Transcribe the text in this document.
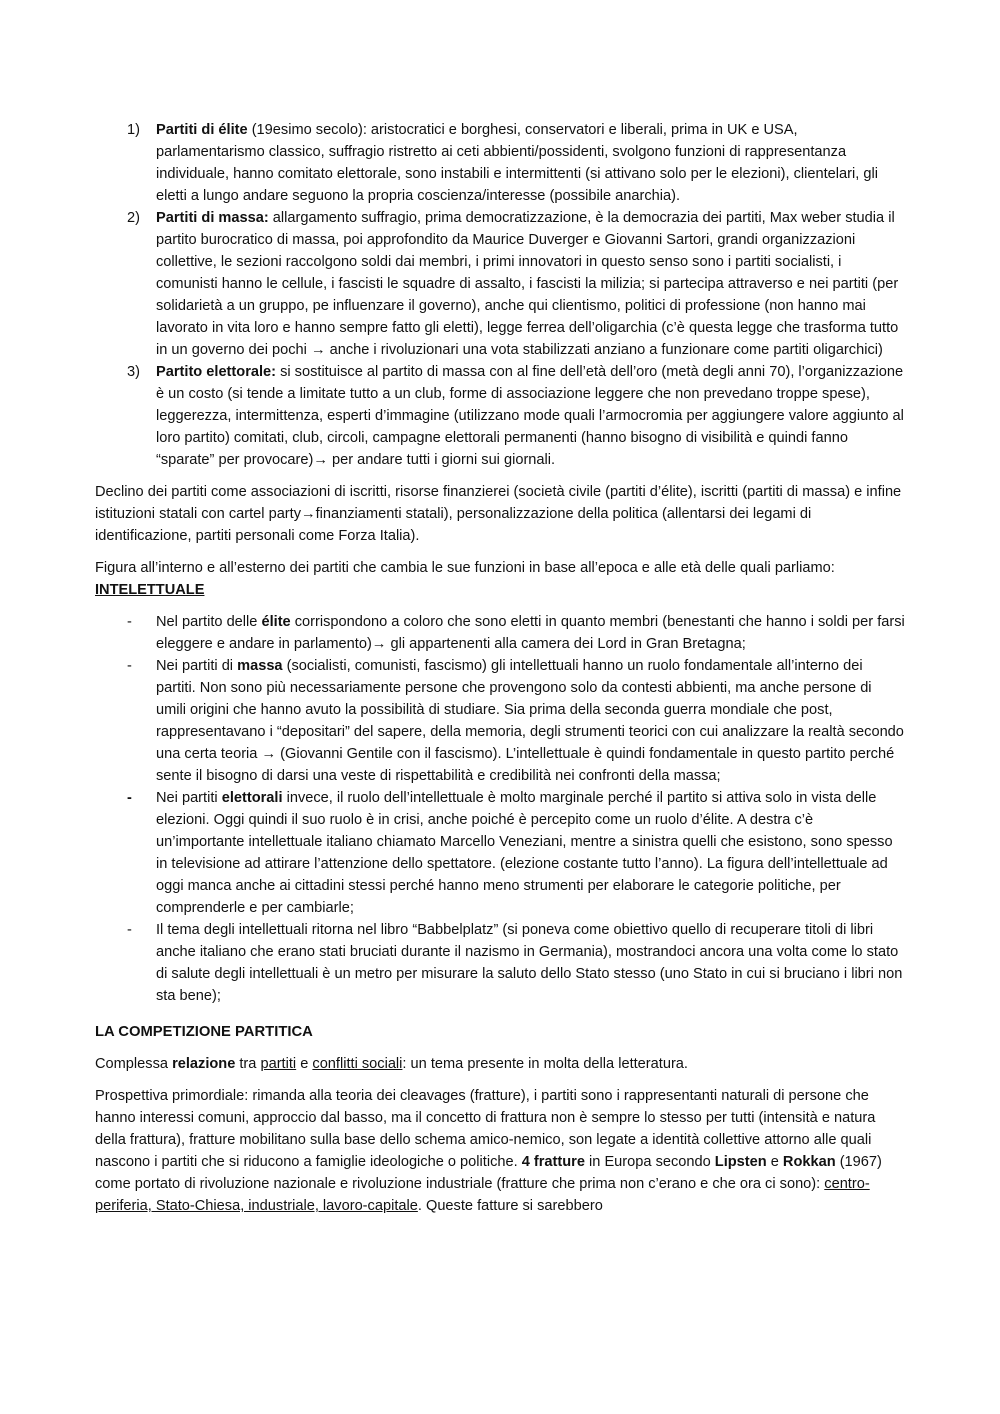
1) Partiti di élite (19esimo secolo): aristocratici e borghesi, conservatori e liberali, prima in UK e USA, parlamentarismo classico, suffragio ristretto ai ceti abbienti/possidenti, svolgono funzioni di rappresentanza individuale, hanno comitato elettorale, sono instabili e intermittenti (si attivano solo per le elezioni), clientelari, gli eletti a lungo andare seguono la propria coscienza/interesse (possibile anarchia).
2) Partiti di massa: allargamento suffragio, prima democratizzazione, è la democrazia dei partiti, Max weber studia il partito burocratico di massa, poi approfondito da Maurice Duverger e Giovanni Sartori, grandi organizzazioni collettive, le sezioni raccolgono soldi dai membri, i primi innovatori in questo senso sono i partiti socialisti, i comunisti hanno le cellule, i fascisti le squadre di assalto, i fascisti la milizia; si partecipa attraverso e nei partiti (per solidarietà a un gruppo, pe influenzare il governo), anche qui clientismo, politici di professione (non hanno mai lavorato in vita loro e hanno sempre fatto gli eletti), legge ferrea dell’oligarchia (c’è questa legge che trasforma tutto in un governo dei pochi → anche i rivoluzionari una vota stabilizzati anziano a funzionare come partiti oligarchici)
3) Partito elettorale: si sostituisce al partito di massa con al fine dell’età dell’oro (metà degli anni 70), l’organizzazione è un costo (si tende a limitate tutto a un club, forme di associazione leggere che non prevedano troppe spese), leggerezza, intermittenza, esperti d’immagine (utilizzano mode quali l’armocromia per aggiungere valore aggiunto al loro partito) comitati, club, circoli, campagne elettorali permanenti (hanno bisogno di visibilità e quindi fanno “sparate” per provocare)→ per andare tutti i giorni sui giornali.

Declino dei partiti come associazioni di iscritti, risorse finanzierei (società civile (partiti d’élite), iscritti (partiti di massa) e infine istituzioni statali con cartel party→finanziamenti statali), personalizzazione della politica (allentarsi dei legami di identificazione, partiti personali come Forza Italia).

Figura all’interno e all’esterno dei partiti che cambia le sue funzioni in base all’epoca e alle età delle quali parliamo:
INTELETTUALE

- Nel partito delle élite corrispondono a coloro che sono eletti in quanto membri (benestanti che hanno i soldi per farsi eleggere e andare in parlamento)→ gli appartenenti alla camera dei Lord in Gran Bretagna;
- Nei partiti di massa (socialisti, comunisti, fascismo) gli intellettuali hanno un ruolo fondamentale all’interno dei partiti. Non sono più necessariamente persone che provengono solo da contesti abbienti, ma anche persone di umili origini che hanno avuto la possibilità di studiare. Sia prima della seconda guerra mondiale che post, rappresentavano i “depositari” del sapere, della memoria, degli strumenti teorici con cui analizzare la realtà secondo una certa teoria → (Giovanni Gentile con il fascismo). L’intellettuale è quindi fondamentale in questo partito perché sente il bisogno di darsi una veste di rispettabilità e credibilità nei confronti della massa;
- Nei partiti elettorali invece, il ruolo dell’intellettuale è molto marginale perché il partito si attiva solo in vista delle elezioni. Oggi quindi il suo ruolo è in crisi, anche poiché è percepito come un ruolo d’élite. A destra c’è un’importante intellettuale italiano chiamato Marcello Veneziani, mentre a sinistra quelli che esistono, sono spesso in televisione ad attirare l’attenzione dello spettatore. (elezione costante tutto l’anno). La figura dell’intellettuale ad oggi manca anche ai cittadini stessi perché hanno meno strumenti per elaborare le categorie politiche, per comprenderle e per cambiarle;
- Il tema degli intellettuali ritorna nel libro “Babbelplatz” (si poneva come obiettivo quello di recuperare titoli di libri anche italiano che erano stati bruciati durante il nazismo in Germania), mostrandoci ancora una volta come lo stato di salute degli intellettuali è un metro per misurare la saluto dello Stato stesso (uno Stato in cui si bruciano i libri non sta bene);

LA COMPETIZIONE PARTITICA

Complessa relazione tra partiti e conflitti sociali: un tema presente in molta della letteratura.

Prospettiva primordiale: rimanda alla teoria dei cleavages (fratture), i partiti sono i rappresentanti naturali di persone che hanno interessi comuni, approccio dal basso, ma il concetto di frattura non è sempre lo stesso per tutti (intensità e natura della frattura), fratture mobilitano sulla base dello schema amico-nemico, son legate a identità collettive attorno alle quali nascono i partiti che si riducono a famiglie ideologiche o politiche. 4 fratture in Europa secondo Lipsten e Rokkan (1967) come portato di rivoluzione nazionale e rivoluzione industriale (fratture che prima non c’erano e che ora ci sono): centro-periferia, Stato-Chiesa, industriale, lavoro-capitale. Queste fatture si sarebbero
